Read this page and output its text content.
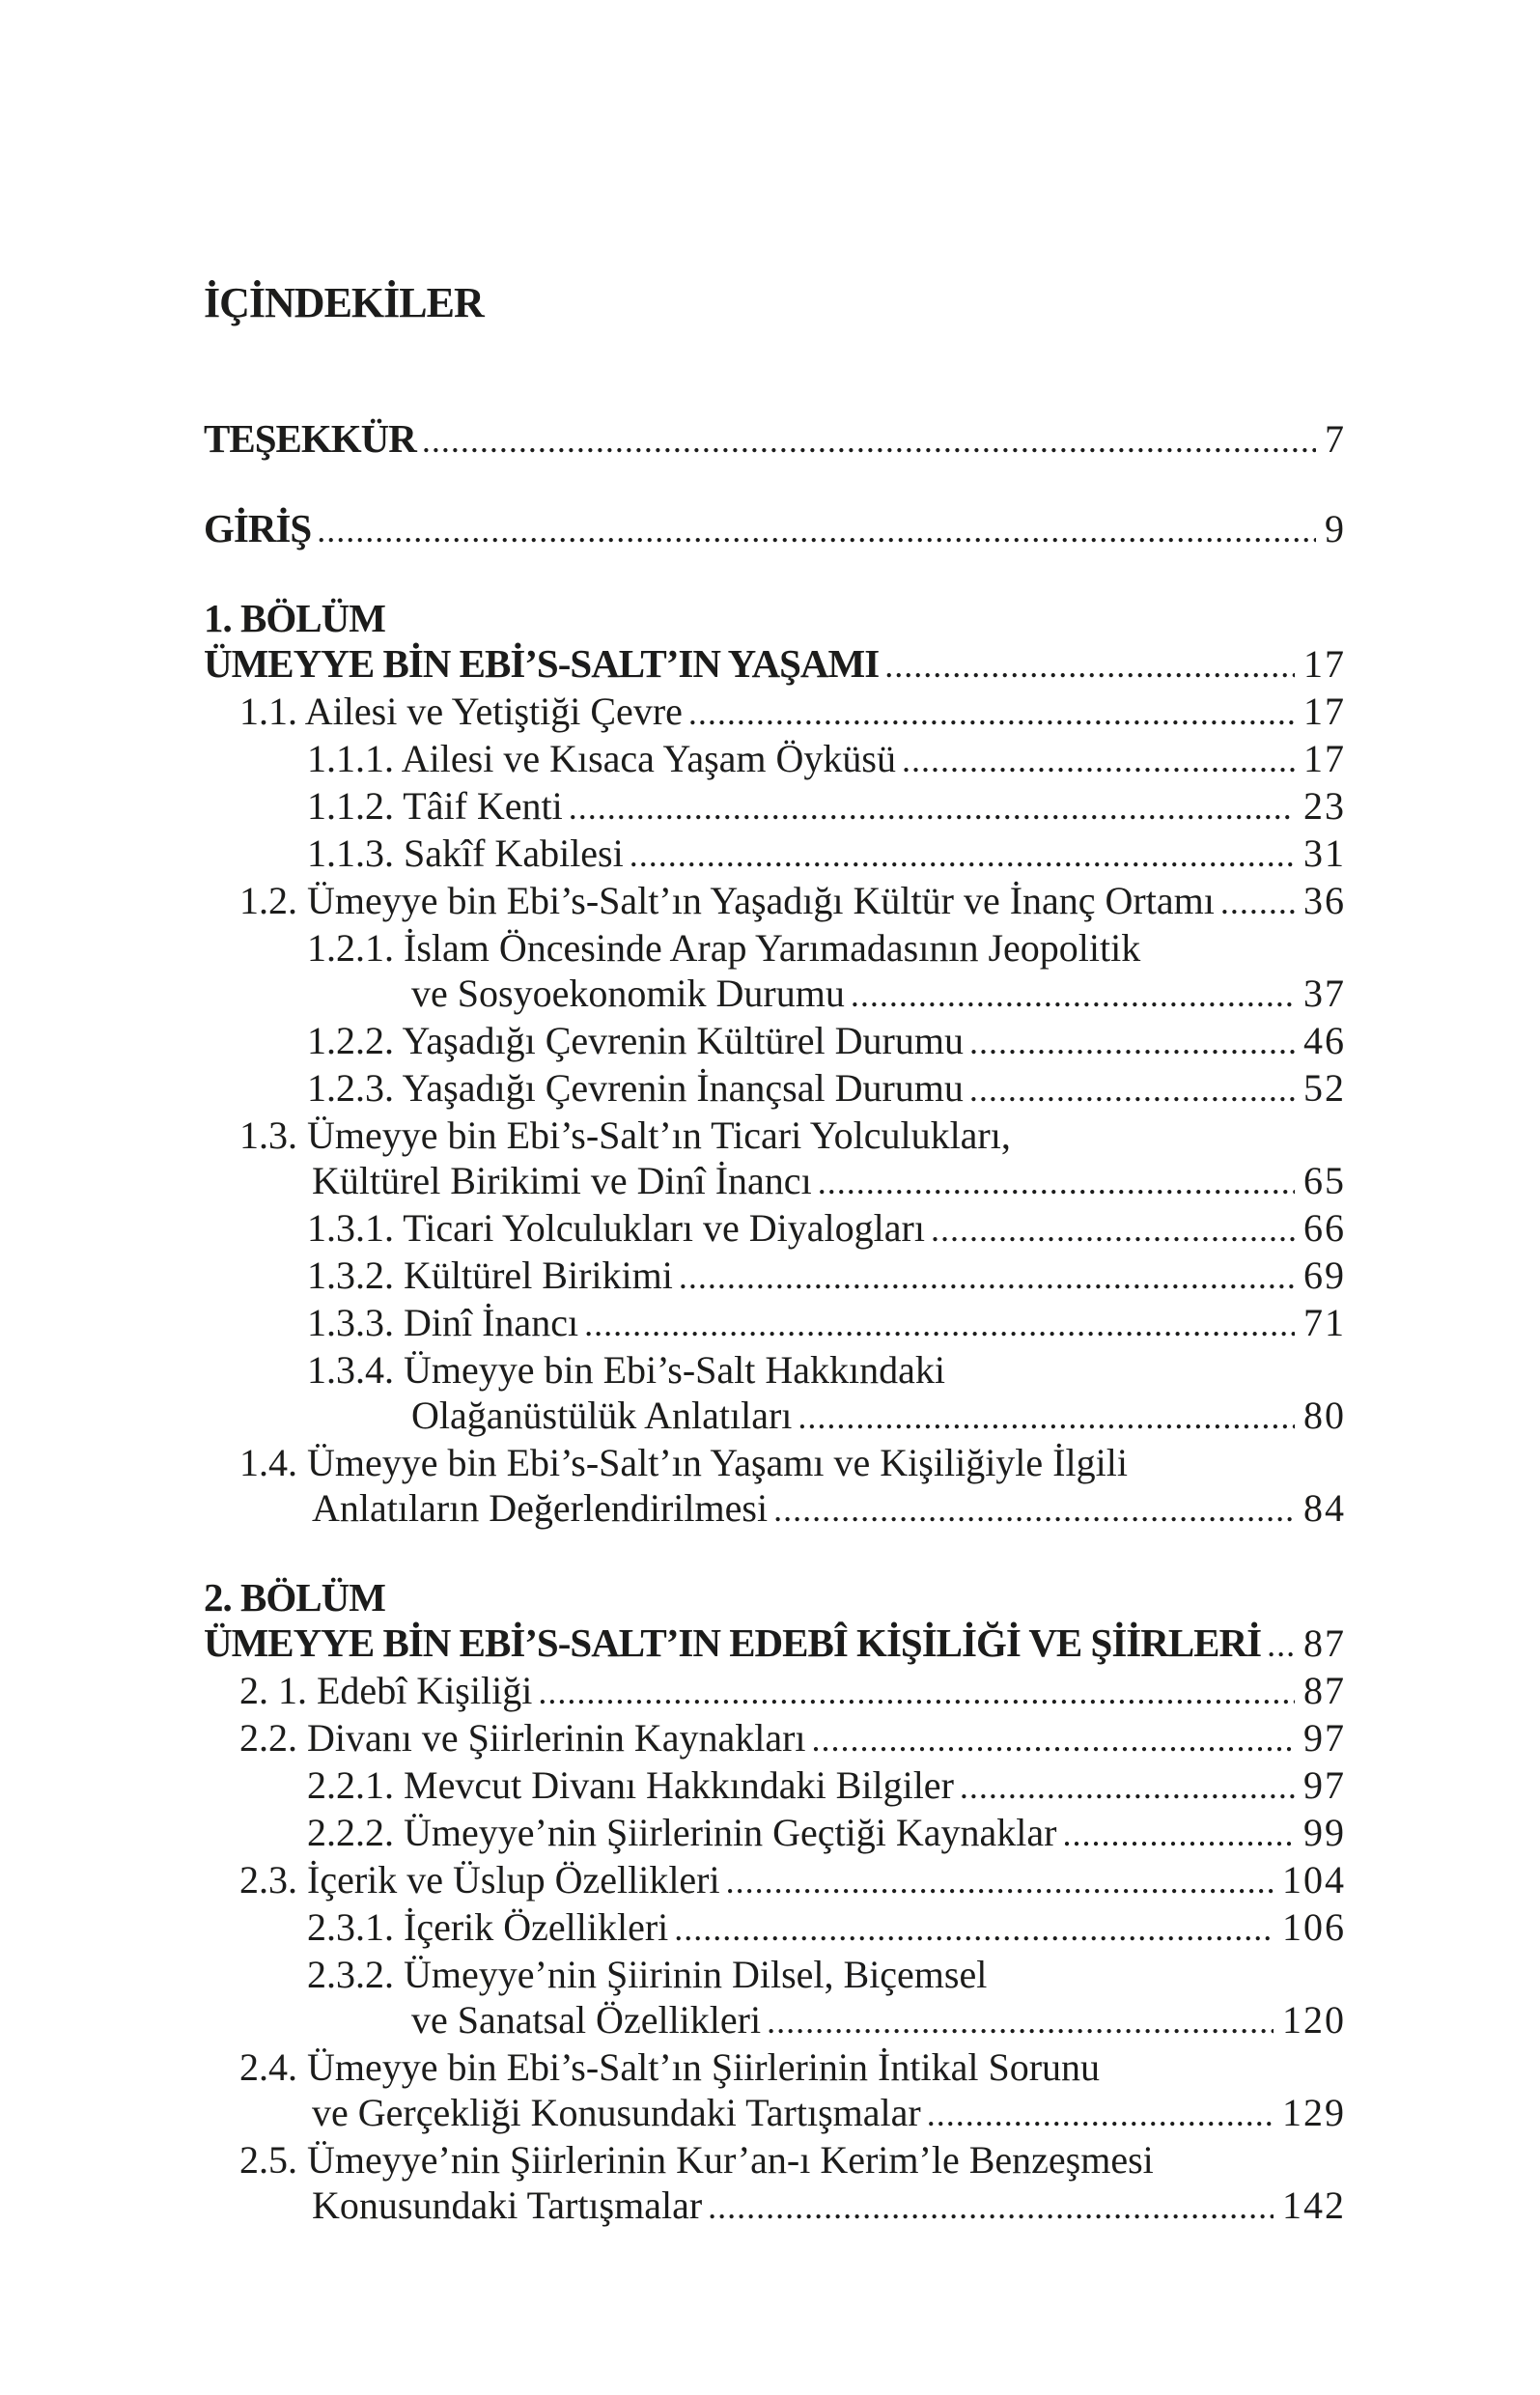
İÇİNDEKİLER
TEŞEKKÜR .....	7
GİRİŞ .....	9
1. BÖLÜM
ÜMEYYE BİN EBİ’S-SALT’IN YAŞAMI .....	17
1.1. Ailesi ve Yetiştiği Çevre .....	17
1.1.1. Ailesi ve Kısaca Yaşam Öyküsü .....	17
1.1.2. Tâif Kenti .....	23
1.1.3. Sakîf Kabilesi .....	31
1.2. Ümeyye bin Ebi’s-Salt’ın Yaşadığı Kültür ve İnanç Ortamı ..... 36
1.2.1. İslam Öncesinde Arap Yarımadasının Jeopolitik
ve Sosyoekonomik Durumu .....	37
1.2.2. Yaşadığı Çevrenin Kültürel Durumu .....	46
1.2.3. Yaşadığı Çevrenin İnançsal Durumu .....	52
1.3. Ümeyye bin Ebi’s-Salt’ın Ticari Yolculukları,
Kültürel Birikimi ve Dinî İnancı .....	65
1.3.1. Ticari Yolculukları ve Diyalogları .....	66
1.3.2. Kültürel Birikimi .....	69
1.3.3. Dinî İnancı .....	71
1.3.4. Ümeyye bin Ebi’s-Salt Hakkındaki
Olağanüstülük Anlatıları .....	80
1.4. Ümeyye bin Ebi’s-Salt’ın Yaşamı ve Kişiliğiyle İlgili
Anlatıların Değerlendirilmesi .....	84
2. BÖLÜM
ÜMEYYE BİN EBİ’S-SALT’IN EDEBÎ KİŞİLİĞİ VE ŞİİRLERİ ..... 87
2. 1. Edebî Kişiliği .....	87
2.2. Divanı ve Şiirlerinin Kaynakları .....	97
2.2.1. Mevcut Divanı Hakkındaki Bilgiler .....	97
2.2.2. Ümeyye’nin Şiirlerinin Geçtiği Kaynaklar .....	99
2.3. İçerik ve Üslup Özellikleri .....	104
2.3.1. İçerik Özellikleri .....	106
2.3.2. Ümeyye’nin Şiirinin Dilsel, Biçemsel
ve Sanatsal Özellikleri .....	120
2.4. Ümeyye bin Ebi’s-Salt’ın Şiirlerinin İntikal Sorunu
ve Gerçekliği Konusundaki Tartışmalar .....	129
2.5. Ümeyye’nin Şiirlerinin Kur’an-ı Kerim’le Benzeşmesi
Konusundaki Tartışmalar .....	142
